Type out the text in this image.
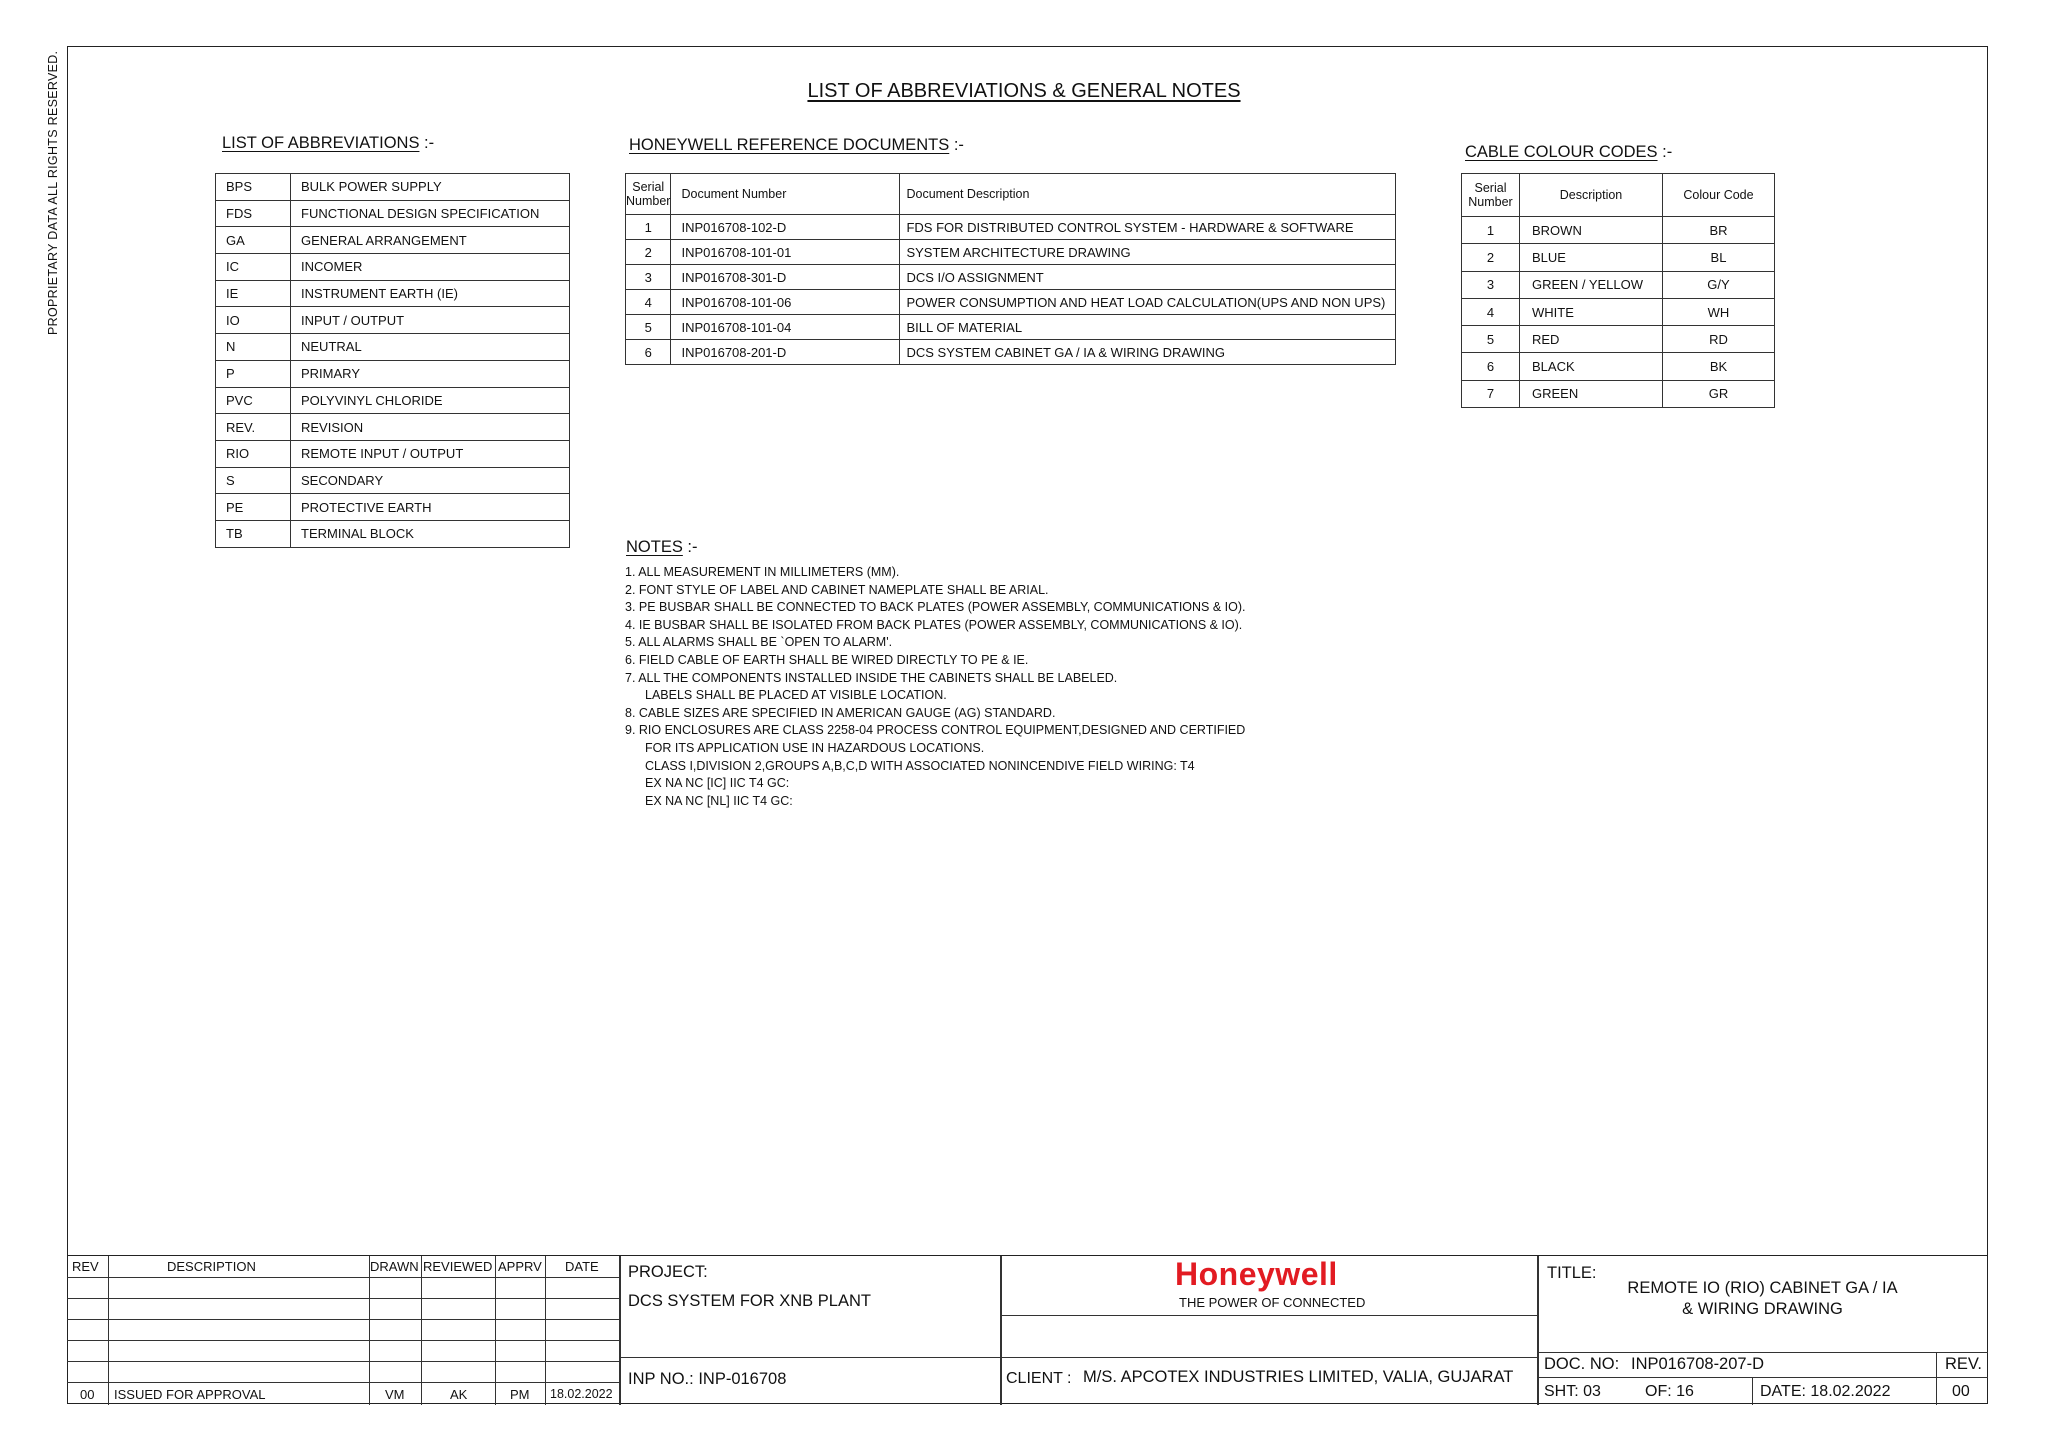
PROPRIETARY DATA ALL RIGHTS RESERVED.	LIST OF ABBREVIATIONS & GENERAL NOTES
LIST OF ABBREVIATIONS :-
BPS	BULK POWER SUPPLY
FDS	FUNCTIONAL DESIGN SPECIFICATION
GA	GENERAL ARRANGEMENT
IC	INCOMER
IE	INSTRUMENT EARTH (IE)
IO	INPUT / OUTPUT
N	NEUTRAL
P	PRIMARY
PVC	POLYVINYL CHLORIDE
REV.	REVISION
RIO	REMOTE INPUT / OUTPUT
S	SECONDARY
PE	PROTECTIVE EARTH
TB	TERMINAL BLOCK
HONEYWELL REFERENCE DOCUMENTS :-
Serial
Number	Document Number	Document Description
1	INP016708-102-D	FDS FOR DISTRIBUTED CONTROL SYSTEM - HARDWARE & SOFTWARE
2	INP016708-101-01	SYSTEM ARCHITECTURE DRAWING
3	INP016708-301-D	DCS I/O ASSIGNMENT
4	INP016708-101-06	POWER CONSUMPTION AND HEAT LOAD CALCULATION(UPS AND NON UPS)
5	INP016708-101-04	BILL OF MATERIAL
6	INP016708-201-D	DCS SYSTEM CABINET GA / IA & WIRING DRAWING
CABLE COLOUR CODES :-
Serial
Number	Description	Colour Code
1	BROWN	BR
2	BLUE	BL
3	GREEN / YELLOW	G/Y
4	WHITE	WH
5	RED	RD
6	BLACK	BK
7	GREEN	GR
NOTES :-
1. ALL MEASUREMENT IN MILLIMETERS (MM).
2. FONT STYLE OF LABEL AND CABINET NAMEPLATE SHALL BE ARIAL.
3. PE BUSBAR SHALL BE CONNECTED TO BACK PLATES (POWER ASSEMBLY, COMMUNICATIONS & IO).
4. IE BUSBAR SHALL BE ISOLATED FROM BACK PLATES (POWER ASSEMBLY, COMMUNICATIONS & IO).
5. ALL ALARMS SHALL BE `OPEN TO ALARM'.
6. FIELD CABLE OF EARTH SHALL BE WIRED DIRECTLY TO PE & IE.
7. ALL THE COMPONENTS INSTALLED INSIDE THE CABINETS SHALL BE LABELED.
LABELS SHALL BE PLACED AT VISIBLE LOCATION.
8. CABLE SIZES ARE SPECIFIED IN AMERICAN GAUGE (AG) STANDARD.
9. RIO ENCLOSURES ARE CLASS 2258-04 PROCESS CONTROL EQUIPMENT,DESIGNED AND CERTIFIED
FOR ITS APPLICATION USE IN HAZARDOUS LOCATIONS.
CLASS I,DIVISION 2,GROUPS A,B,C,D WITH ASSOCIATED NONINCENDIVE FIELD WIRING: T4
EX NA NC [IC] IIC T4 GC:
EX NA NC [NL] IIC T4 GC:
REV	DESCRIPTION	DRAWN REVIEWED APPRV DATE
00 ISSUED FOR APPROVAL	VM	AK	PM 18.02.2022
PROJECT:
DCS SYSTEM FOR XNB PLANT
INP NO.: INP-016708
Honeywell
THE POWER OF CONNECTED
CLIENT : M/S. APCOTEX INDUSTRIES LIMITED, VALIA, GUJARAT
TITLE:
REMOTE IO (RIO) CABINET GA / IA
& WIRING DRAWING
DOC. NO: INP016708-207-D	REV.
00
SHT: 03	OF: 16	DATE: 18.02.2022
